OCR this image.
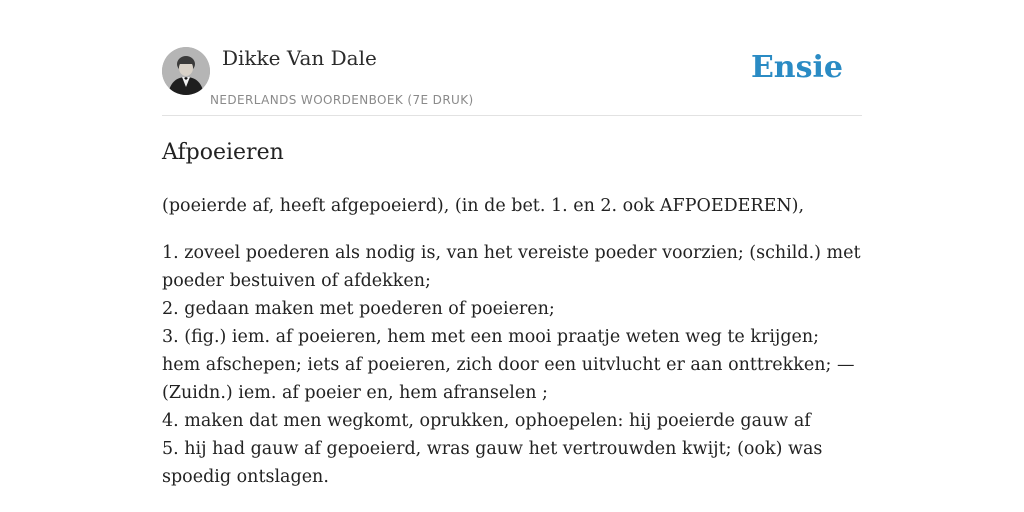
Dikke Van Dale
NEDERLANDS WOORDENBOEK (7E DRUK)
Ensie
Afpoeieren

(poeierde af, heeft afgepoeierd), (in de bet. 1. en 2. ook AFPOEDEREN),

1. zoveel poederen als nodig is, van het vereiste poeder voorzien; (schild.) met poeder bestuiven of afdekken;
2. gedaan maken met poederen of poeieren;
3. (fig.) iem. af poeieren, hem met een mooi praatje weten weg te krijgen; hem afschepen; iets af poeieren, zich door een uitvlucht er aan onttrekken; — (Zuidn.) iem. af poeier en, hem afranselen ;
4. maken dat men wegkomt, oprukken, ophoepelen: hij poeierde gauw af
5. hij had gauw af gepoeierd, wras gauw het vertrouwden kwijt; (ook) was spoedig ontslagen.
